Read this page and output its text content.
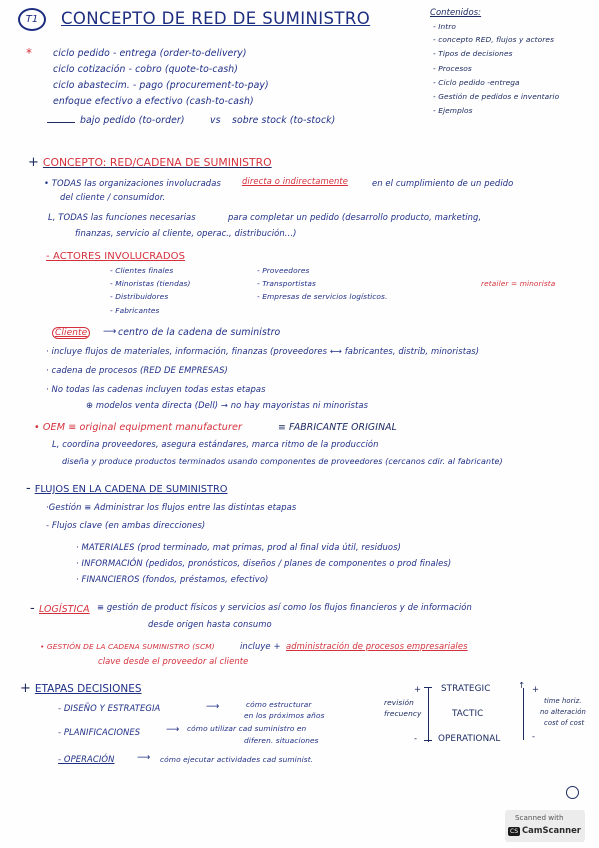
T1	CONCEPTO DE RED DE SUMINISTRO	Contenidos:
- Intro
- concepto RED, flujos y actores
- Tipos de decisiones
- Procesos
- Ciclo pedido -entrega
- Gestión de pedidos e inventario
- Ejemplos
* ciclo pedido - entrega (order-to-delivery)
ciclo cotización - cobro (quote-to-cash)
ciclo abastecim. - pago (procurement-to-pay)
enfoque efectivo a efectivo (cash-to-cash)
bajo pedido (to-order)	vs sobre stock (to-stock)
+ CONCEPTO: RED/CADENA DE SUMINISTRO
• TODAS las organizaciones involucradas	directa o indirectamente	en el cumplimiento de un pedido
del cliente / consumidor.
L, TODAS las funciones necesarias	para completar un pedido (desarrollo producto, marketing,
finanzas, servicio al cliente, operac., distribución...)
- ACTORES INVOLUCRADOS
- Clientes finales
- Minoristas (tiendas)
- Distribuidores
- Fabricantes
- Proveedores
- Transportistas
- Empresas de servicios logísticos.
retailer = minorista
Cliente	⟶ centro de la cadena de suministro
· incluye flujos de materiales, información, finanzas (proveedores ⟷ fabricantes, distrib, minoristas)
· cadena de procesos (RED DE EMPRESAS)
· No todas las cadenas incluyen todas estas etapas
⊕ modelos venta directa (Dell) → no hay mayoristas ni minoristas
• OEM ≡ original equipment manufacturer	≡ FABRICANTE ORIGINAL
L, coordina proveedores, asegura estándares, marca ritmo de la producción
diseña y produce productos terminados usando componentes de proveedores (cercanos cdir. al fabricante)
- FLUJOS EN LA CADENA DE SUMINISTRO
·Gestión ≡ Administrar los flujos entre las distintas etapas
- Flujos clave (en ambas direcciones)
· MATERIALES (prod terminado, mat primas, prod al final vida útil, residuos)
· INFORMACIÓN (pedidos, pronósticos, diseños / planes de componentes o prod finales)
· FINANCIEROS (fondos, préstamos, efectivo)
- LOGÍSTICA ≡ gestión de product físicos y servicios así como los flujos financieros y de información
desde origen hasta consumo
• GESTIÓN DE LA CADENA SUMINISTRO (SCM)	incluye + administración de procesos empresariales
clave desde el proveedor al cliente
+ ETAPAS DECISIONES
- DISEÑO Y ESTRATEGIA	⟶	cómo estructurar
en los próximos años
- PLANIFICACIONES	⟶ cómo utilizar cad suministro en
diferen. situaciones
- OPERACIÓN ⟶ cómo ejecutar actividades cad suminist.
revisión
frecuency
+
-
STRATEGIC
TACTIC
OPERATIONAL
↑ +
-
time horiz.
no alteración
cost of cost
Scanned with
CS CamScanner
